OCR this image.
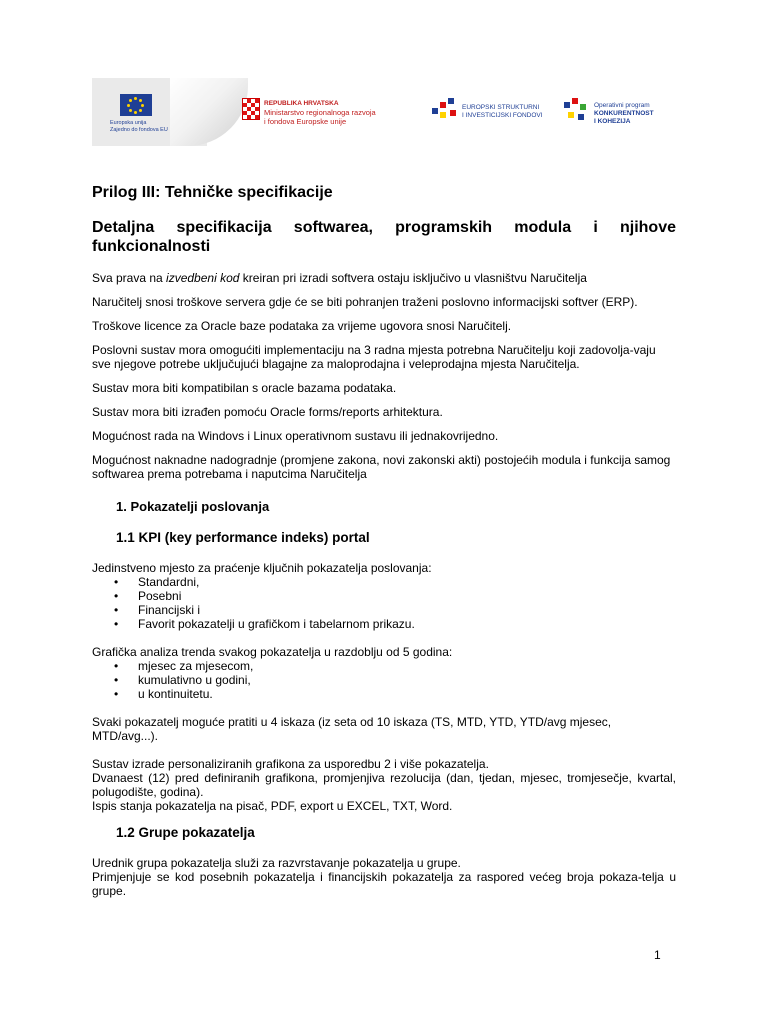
Europska unija
Zajedno do fondova EU
REPUBLIKA HRVATSKA
Ministarstvo regionalnoga razvoja
i fondova Europske unije
EUROPSKI STRUKTURNI
I INVESTICIJSKI FONDOVI
Operativni program
KONKURENTNOST
I KOHEZIJA
Prilog III: Tehničke specifikacije
Detaljna specifikacija softwarea, programskih modula i njihove funkcionalnosti

Sva prava na izvedbeni kod kreiran pri izradi softvera ostaju isključivo u vlasništvu Naručitelja

Naručitelj snosi troškove servera gdje će se biti pohranjen traženi poslovno informacijski softver (ERP).

Troškove licence za Oracle baze podataka za vrijeme ugovora snosi Naručitelj.

Poslovni sustav mora omogućiti implementaciju na 3 radna mjesta potrebna Naručitelju koji zadovolja-vaju sve njegove potrebe uključujući blagajne za maloprodajna i veleprodajna mjesta Naručitelja.

Sustav mora biti kompatibilan s oracle bazama podataka.

Sustav mora biti izrađen pomoću Oracle forms/reports arhitektura.

Mogućnost rada na Windovs i Linux operativnom sustavu ili jednakovrijedno.

Mogućnost naknadne nadogradnje (promjene zakona, novi zakonski akti) postojećih modula i funkcija samog softwarea prema potrebama i naputcima Naručitelja

1. Pokazatelji poslovanja
1.1 KPI (key performance indeks) portal

Jedinstveno mjesto za praćenje ključnih pokazatelja poslovanja:

• Standardni,
• Posebni
• Financijski i
• Favorit pokazatelji u grafičkom i tabelarnom prikazu.

Grafička analiza trenda svakog pokazatelja u razdoblju od 5 godina:

• mjesec za mjesecom,
• kumulativno u godini,
• u kontinuitetu.

Svaki pokazatelj moguće pratiti u 4 iskaza (iz seta od 10 iskaza (TS, MTD, YTD, YTD/avg mjesec, MTD/avg...).

Sustav izrade personaliziranih grafikona za usporedbu 2 i više pokazatelja.

Dvanaest (12) pred definiranih grafikona, promjenjiva rezolucija (dan, tjedan, mjesec, tromjesečje, kvartal, polugodište, godina).

Ispis stanja pokazatelja na pisač, PDF, export u EXCEL, TXT, Word.

1.2 Grupe pokazatelja

Urednik grupa pokazatelja služi za razvrstavanje pokazatelja u grupe.

Primjenjuje se kod posebnih pokazatelja i financijskih pokazatelja za raspored većeg broja pokaza-telja u grupe.

1
